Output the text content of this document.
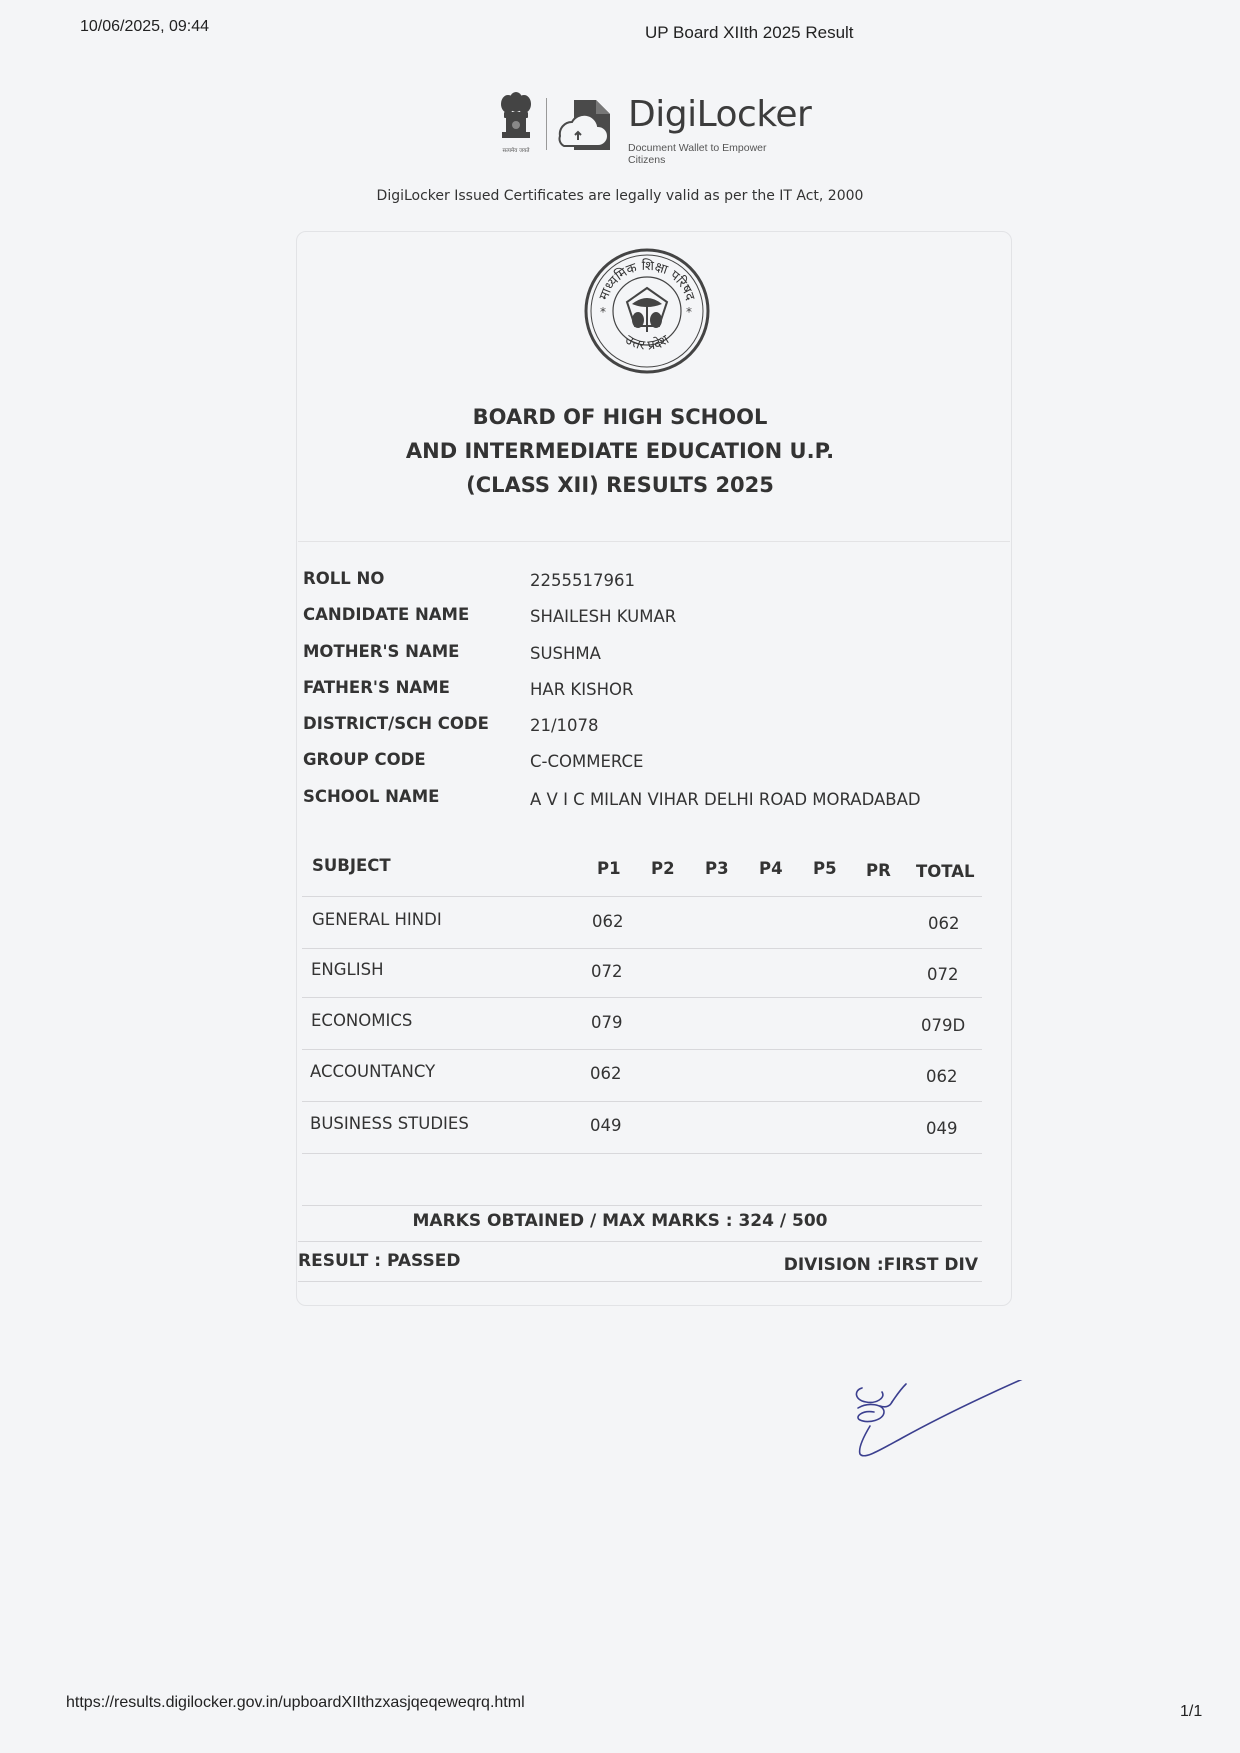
10/06/2025, 09:44	UP Board XIIth 2025 Result
सत्यमेव जयते
DigiLocker
Document Wallet to Empower Citizens
DigiLocker Issued Certificates are legally valid as per the IT Act, 2000
माध्यमिक शिक्षा परिषद
उत्तर प्रदेश
*	*
BOARD OF HIGH SCHOOL
AND INTERMEDIATE EDUCATION U.P.
(CLASS XII) RESULTS 2025
ROLL NO	2255517961
CANDIDATE NAME	SHAILESH KUMAR
MOTHER'S NAME	SUSHMA
FATHER'S NAME	HAR KISHOR
DISTRICT/SCH CODE 21/1078
GROUP CODE	C-COMMERCE
SCHOOL NAME	A V I C MILAN VIHAR DELHI ROAD MORADABAD
SUBJECT	P1 P2 P3 P4 P5 PR TOTAL
GENERAL HINDI	062	062
ENGLISH	072	072
ECONOMICS	079	079D
ACCOUNTANCY	062	062
BUSINESS STUDIES	049	049
MARKS OBTAINED / MAX MARKS : 324 / 500
RESULT : PASSED	DIVISION :FIRST DIV
https://results.digilocker.gov.in/upboardXIIthzxasjqeqeweqrq.html
1/1
